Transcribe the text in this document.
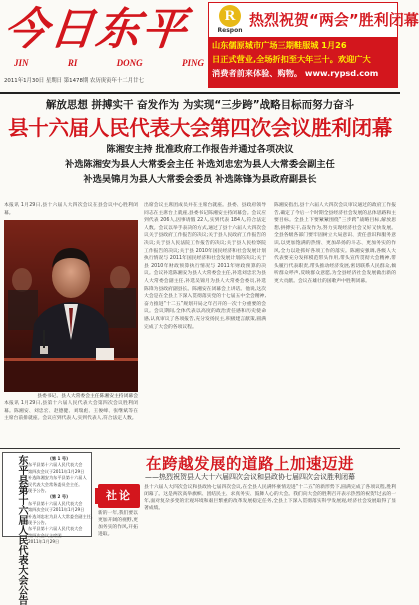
今日东平
JIN	RI	DONG	PING
2011年1月30日 星期日 第1478期 农历庚寅年十二月廿七
R
Respon
热烈祝贺“两会”胜利闭幕
山东儒原城市广场三期鞋服城 1月26
日正式营业,全场折扣至大年三十。欢迎广大
消费者前来体验、购物。 www.rypsd.com
解放思想 拼搏实干 奋发作为 为实现“三步跨”战略目标而努力奋斗
县十六届人民代表大会第四次会议胜利闭幕
陈湘安主持 批准政府工作报告并通过各项决议
补选陈湘安为县人大常委会主任 补选刘忠宏为县人大常委会副主任
补选吴锦月为县人大常委会委员 补选陈锋为县政府副县长
本报讯 1月29日,县十六届人大四次会议在县会议中心胜利闭幕。
县委书记、县人大常委会主任陈湘安主持闭幕会
本报讯 1月29日,县第十六届人民代表大会第四次会议胜利闭幕。陈湘安、刘忠宏、赵德健、刘瑞彪、王俊峰、张继斌等在主席台前排就座。会议应到代表人,实到代表人,符合法定人数。
出席会议主席团成员并在主席台就座。县委、县政府领导同志在主席台上就座,县委书记陈湘安主持闭幕会。会议应到代表 206人,因事请假 22人,实到代表 184人,符合法定人数。会议以举手表决的方式,通过了县十六届人大四次会议关于县政府工作报告的决议;关于县人民政府工作报告的决议;关于县人民法院工作报告的决议;关于县人民检察院工作报告的决议;关于县 2010年国民经济和社会发展计划执行情况与 2011年国民经济和社会发展计划的决议;关于县 2010年财政预算执行情况与 2011年财政预算的决议。会议补选陈湘安为县人大常委会主任,补选刘忠宏为县人大常委会副主任,补选吴锦月为县人大常委会委员,补选陈锋为县政府副县长。陈湘安在闭幕会上讲话。他说,这次大会是在全县上下深入贯彻落实党的十七届五中全会精神,奋力推进“十二五”规划开局之年召开的一次十分重要的会议。会议期间,全体代表以高度的政治责任感和历史使命感,认真审议了各项报告,充分发扬民主,积极建言献策,圆满完成了大会的各项议程。
陈湘安指出,县十六届人大四次会议审议通过的政府工作报告,确定了今后一个时期全县经济社会发展的总体思路和主要目标。全县上下要紧紧围绕“三步跨”战略目标,解放思想,拼搏实干,奋发作为,努力实现经济社会又好又快发展。全县各级各部门要牢固树立大局意识、责任意识和服务意识,以更加饱满的热情、更加昂扬的斗志、更加务实的作风,全力以赴抓好各项工作的落实。陈湘安强调,各级人大代表要充分发挥模范带头作用,带头宣传贯彻大会精神,带头履行代表职责,带头推动经济发展,密切联系人民群众,倾听群众呼声,反映群众意愿,为全县经济社会发展做出新的更大贡献。会议在雄壮的国歌声中胜利闭幕。
东平县第十六届人民代表大会公告	(第 1 号)
东平县第十六届人民代表大会
第四次会议于2011年1月29日
补选陈湘安为东平县第十六届人
民代表大会常务委员会主任。
现予公告。
(第 2 号)
东平县第十六届人民代表大会
第四次会议于2011年1月29日
补选刘忠宏为县人大常委会副主任。
现予公告。
东平县第十六届人民代表大会
第四次会议主席团
2011年1月29日
在跨越发展的道路上加速迈进
——热烈祝贺县人大十六届四次会议和县政协七届四次会议胜利闭幕
社论
县十六届人大四次会议和县政协七届四次会议,在全县人民满怀豪情迈进“十二五”的新形势下,圆满完成了各项议程,胜利闭幕了。这是两次高举旗帜、团结民主、求真务实、鼓舞人心的大会。我们向大会的胜利召开表示热烈的祝贺!过去的一年,面对复杂多变的宏观环境和艰巨繁重的改革发展稳定任务,全县上下深入贯彻落实科学发展观,经济社会发展取得了显著成绩。
新的一年,我们要以更加开阔的视野,更加务实的作风,开拓进取。
